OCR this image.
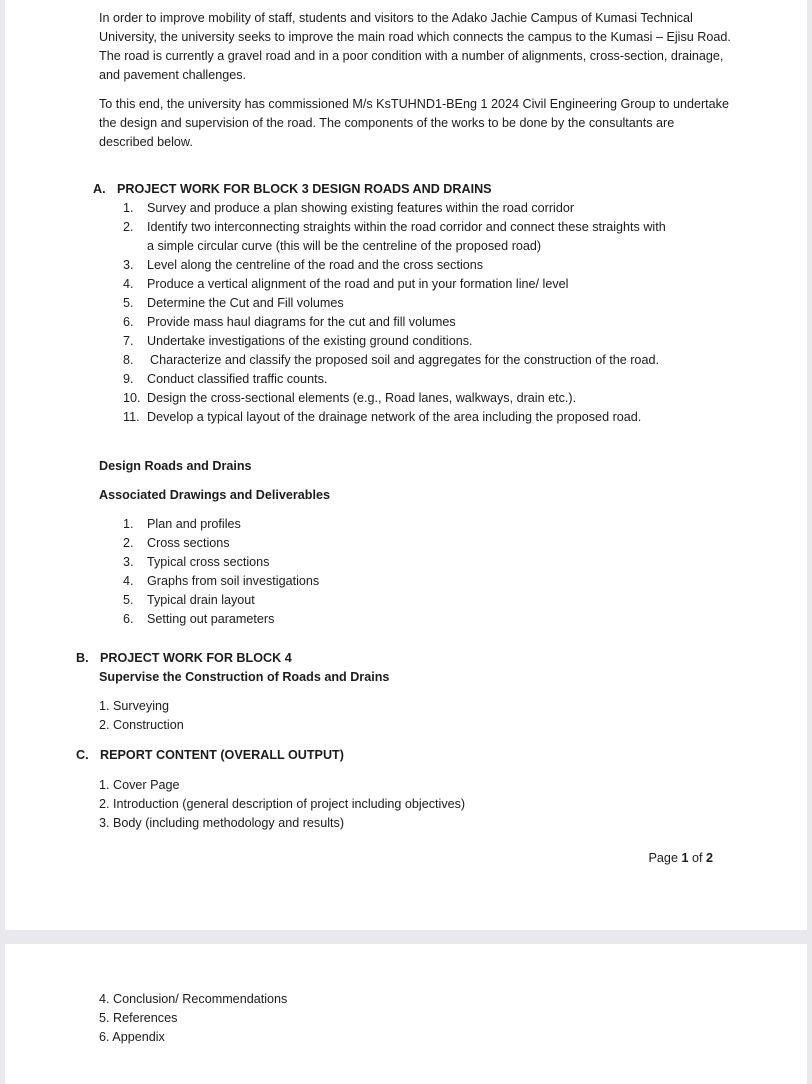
In order to improve mobility of staff, students and visitors to the Adako Jachie Campus of Kumasi Technical University, the university seeks to improve the main road which connects the campus to the Kumasi – Ejisu Road. The road is currently a gravel road and in a poor condition with a number of alignments, cross-section, drainage, and pavement challenges.
To this end, the university has commissioned M/s KsTUHND1-BEng 1 2024 Civil Engineering Group to undertake the design and supervision of the road. The components of the works to be done by the consultants are described below.
A. PROJECT WORK FOR BLOCK 3 DESIGN ROADS AND DRAINS
1. Survey and produce a plan showing existing features within the road corridor
2. Identify two interconnecting straights within the road corridor and connect these straights with
a simple circular curve (this will be the centreline of the proposed road)
3. Level along the centreline of the road and the cross sections
4. Produce a vertical alignment of the road and put in your formation line/ level
5. Determine the Cut and Fill volumes
6. Provide mass haul diagrams for the cut and fill volumes
7. Undertake investigations of the existing ground conditions.
8. Characterize and classify the proposed soil and aggregates for the construction of the road.
9. Conduct classified traffic counts.
10. Design the cross-sectional elements (e.g., Road lanes, walkways, drain etc.).
11. Develop a typical layout of the drainage network of the area including the proposed road.
Design Roads and Drains
Associated Drawings and Deliverables
1. Plan and profiles
2. Cross sections
3. Typical cross sections
4. Graphs from soil investigations
5. Typical drain layout
6. Setting out parameters
B. PROJECT WORK FOR BLOCK 4
Supervise the Construction of Roads and Drains
1. Surveying
2. Construction
C. REPORT CONTENT (OVERALL OUTPUT)
1. Cover Page
2. Introduction (general description of project including objectives)
3. Body (including methodology and results)
Page 1 of 2
4. Conclusion/ Recommendations
5. References
6. Appendix
